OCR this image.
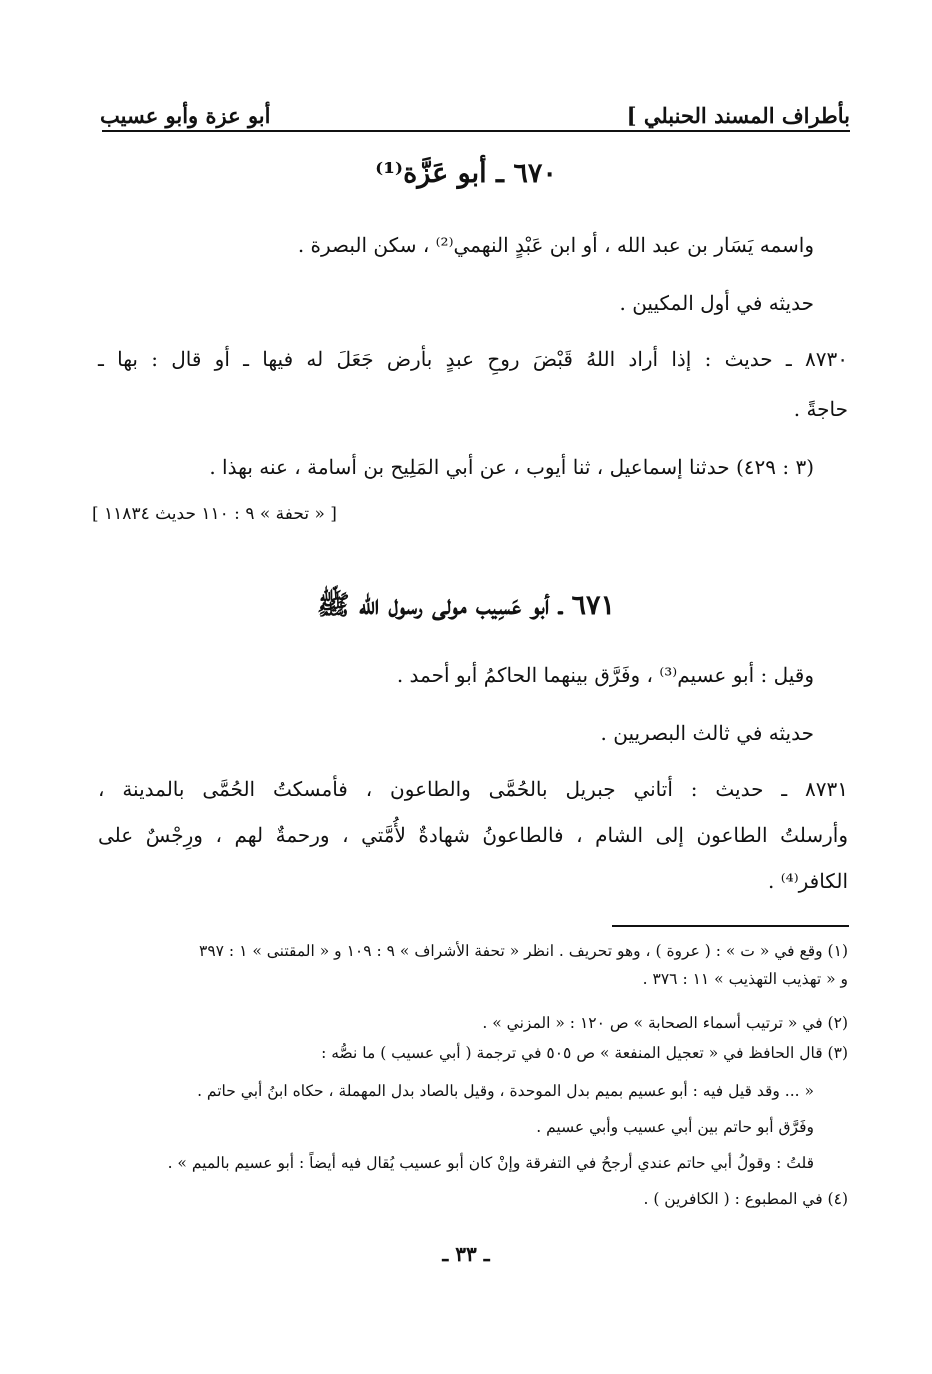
بأطراف المسند الحنبلي ]
أبو عزة وأبو عسيب
٦٧٠ ـ أبو عَزَّة⁽¹⁾
واسمه يَسَار بن عبد الله ، أو ابن عَبْدٍ النهمي⁽²⁾ ، سكن البصرة .
حديثه في أول المكيين .
٨٧٣٠ ـ حديث : إذا أراد اللهُ قَبْضَ روحِ عبدٍ بأرض جَعَلَ له فيها ـ أو قال : بها ـ
حاجةً .
(٣ : ٤٢٩) حدثنا إسماعيل ، ثنا أيوب ، عن أبي المَلِيح بن أسامة ، عنه بهذا .
[ « تحفة » ٩ : ١١٠ حديث ١١٨٣٤ ]
٦٧١ ـ أبو عَسِيب مولى رسول الله ﷺ
وقيل : أبو عسيم⁽³⁾ ، وفَرَّق بينهما الحاكمُ أبو أحمد .
حديثه في ثالث البصريين .
٨٧٣١ ـ حديث : أتاني جبريل بالحُمَّى والطاعون ، فأمسكتُ الحُمَّى بالمدينة ،
وأرسلتُ الطاعون إلى الشام ، فالطاعونُ شهادةٌ لأُمَّتي ، ورحمةٌ لهم ، ورِجْسٌ على
الكافر⁽⁴⁾ .
(١) وقع في « ت » : ( عروة ) ، وهو تحريف . انظر « تحفة الأشراف » ٩ : ١٠٩ و « المقتنى » ١ : ٣٩٧
و « تهذيب التهذيب » ١١ : ٣٧٦ .
(٢) في « ترتيب أسماء الصحابة » ص ١٢٠ : « المزني » .
(٣) قال الحافظ في « تعجيل المنفعة » ص ٥٠٥ في ترجمة ( أبي عسيب ) ما نصُّه :
« ... وقد قيل فيه : أبو عسيم بميم بدل الموحدة ، وقيل بالصاد بدل المهملة ، حكاه ابنُ أبي حاتم .
وفَرَّق أبو حاتم بين أبي عسيب وأبي عسيم .
قلتُ : وقولُ أبي حاتم عندي أرجحُ في التفرقة وإنْ كان أبو عسيب يُقال فيه أيضاً : أبو عسيم بالميم » .
(٤) في المطبوع : ( الكافرين ) .
ـ ٣٣ ـ
